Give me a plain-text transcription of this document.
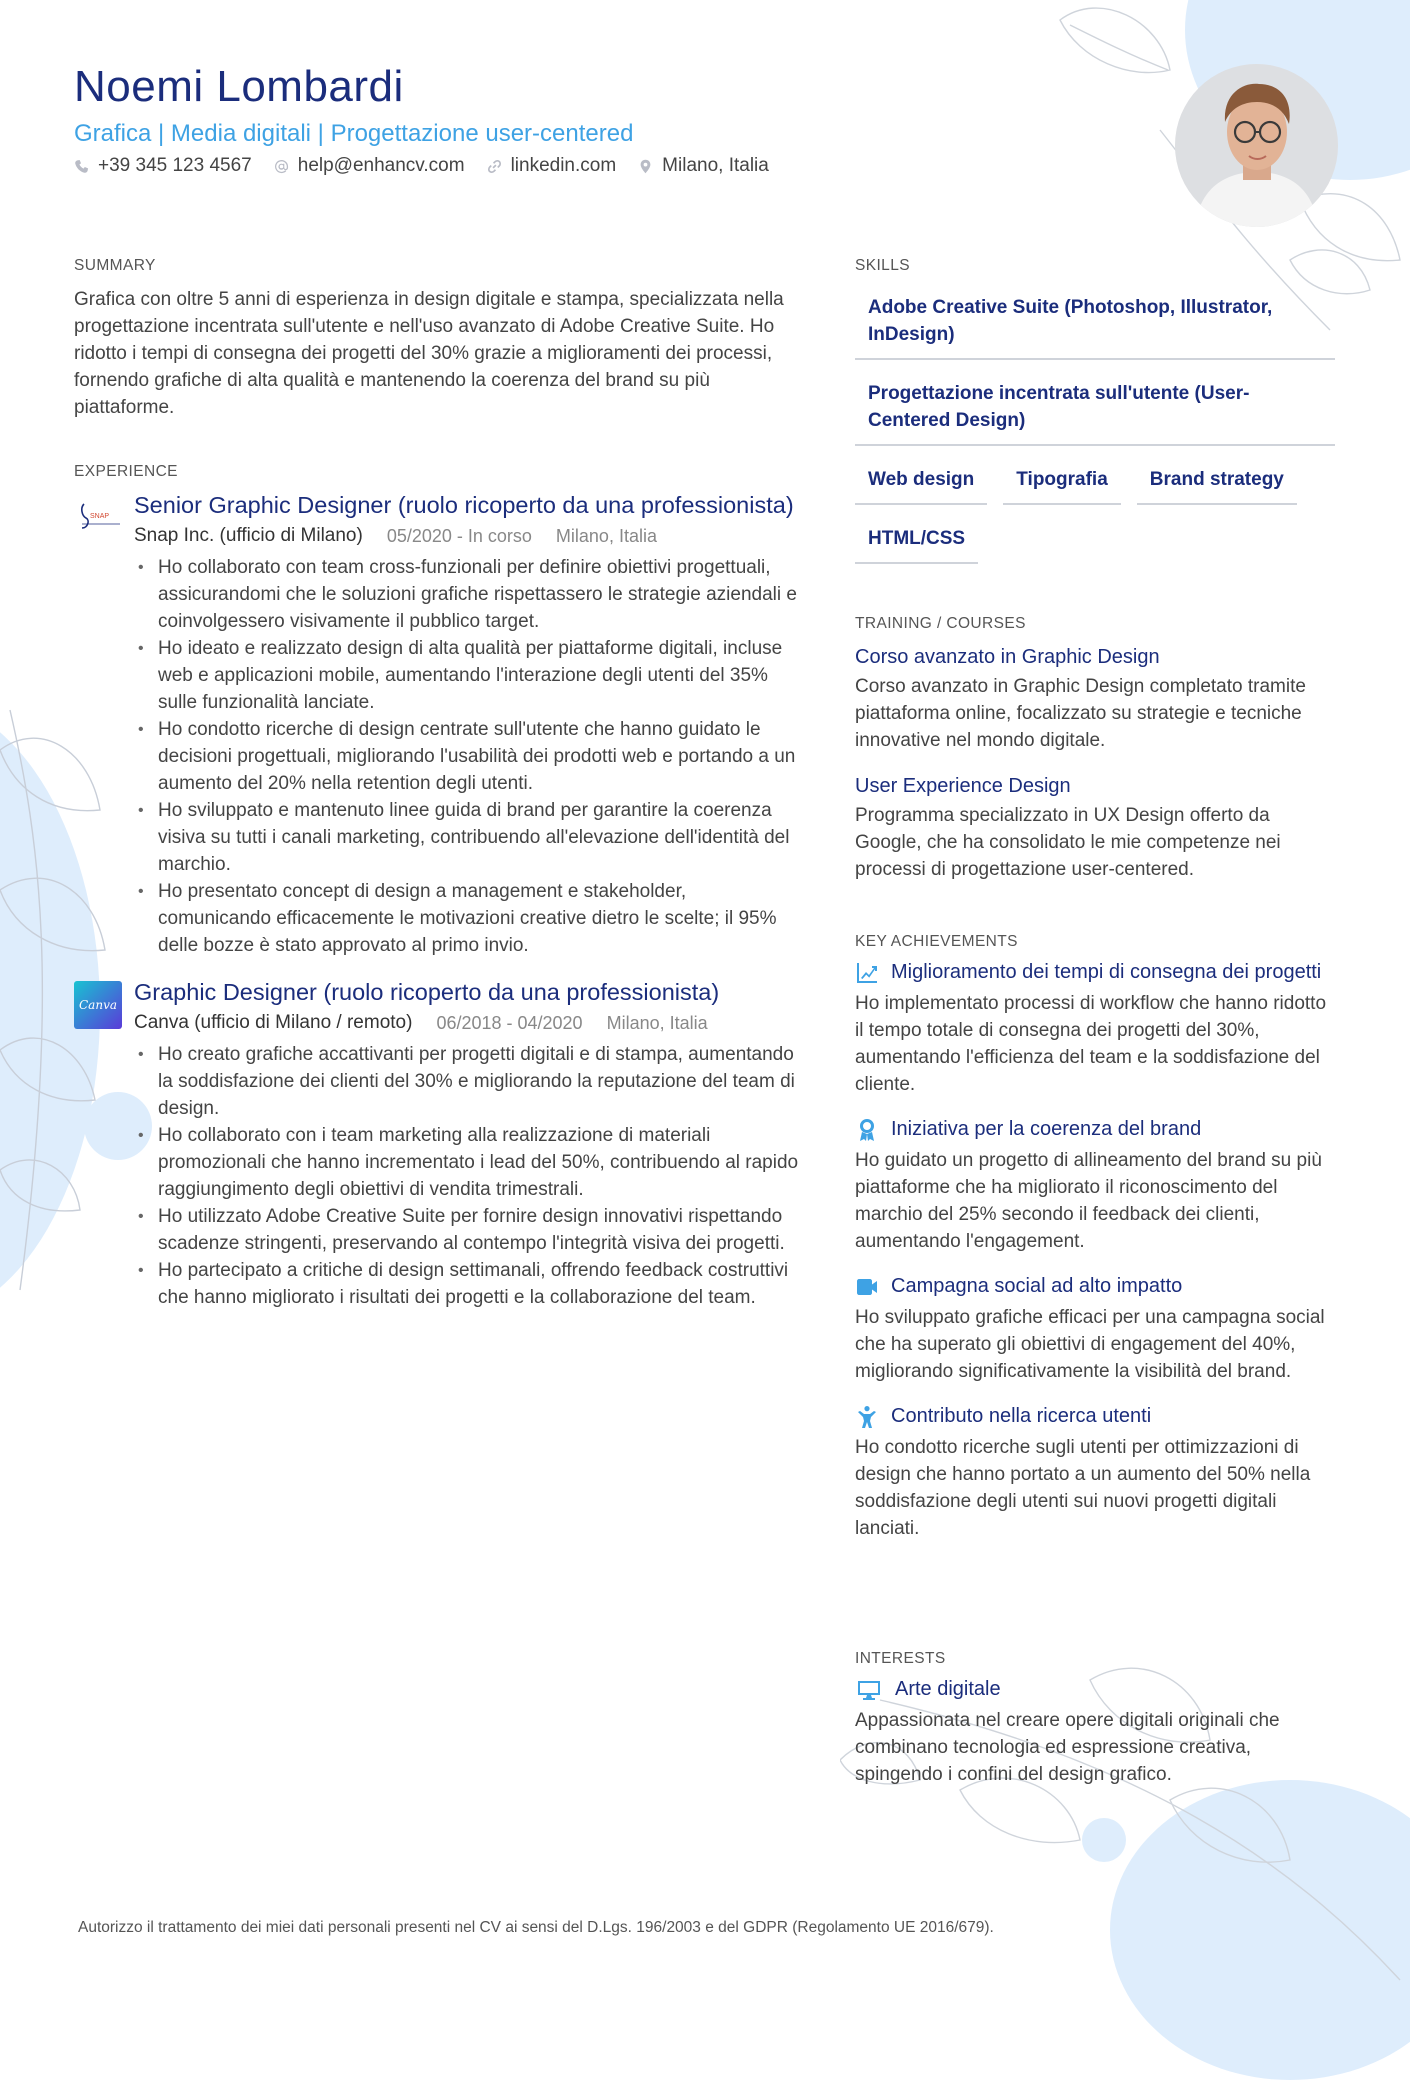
Noemi Lombardi
Grafica | Media digitali | Progettazione user-centered
+39 345 123 4567 help@enhancv.com linkedin.com Milano, Italia
SUMMARY
Grafica con oltre 5 anni di esperienza in design digitale e stampa, specializzata nella progettazione incentrata sull'utente e nell'uso avanzato di Adobe Creative Suite. Ho ridotto i tempi di consegna dei progetti del 30% grazie a miglioramenti dei processi, fornendo grafiche di alta qualità e mantenendo la coerenza del brand su più piattaforme.
EXPERIENCE
SNAP Senior Graphic Designer (ruolo ricoperto da una professionista)
Snap Inc. (ufficio di Milano) 05/2020 - In corso Milano, Italia
• Ho collaborato con team cross-funzionali per definire obiettivi progettuali, assicurandomi che le soluzioni grafiche rispettassero le strategie aziendali e coinvolgessero visivamente il pubblico target.
• Ho ideato e realizzato design di alta qualità per piattaforme digitali, incluse web e applicazioni mobile, aumentando l'interazione degli utenti del 35% sulle funzionalità lanciate.
• Ho condotto ricerche di design centrate sull'utente che hanno guidato le decisioni progettuali, migliorando l'usabilità dei prodotti web e portando a un aumento del 20% nella retention degli utenti.
• Ho sviluppato e mantenuto linee guida di brand per garantire la coerenza visiva su tutti i canali marketing, contribuendo all'elevazione dell'identità del marchio.
• Ho presentato concept di design a management e stakeholder, comunicando efficacemente le motivazioni creative dietro le scelte; il 95% delle bozze è stato approvato al primo invio.
Canva Graphic Designer (ruolo ricoperto da una professionista)
Canva (ufficio di Milano / remoto) 06/2018 - 04/2020 Milano, Italia
• Ho creato grafiche accattivanti per progetti digitali e di stampa, aumentando la soddisfazione dei clienti del 30% e migliorando la reputazione del team di design.
• Ho collaborato con i team marketing alla realizzazione di materiali promozionali che hanno incrementato i lead del 50%, contribuendo al rapido raggiungimento degli obiettivi di vendita trimestrali.
• Ho utilizzato Adobe Creative Suite per fornire design innovativi rispettando scadenze stringenti, preservando al contempo l'integrità visiva dei progetti.
• Ho partecipato a critiche di design settimanali, offrendo feedback costruttivi che hanno migliorato i risultati dei progetti e la collaborazione del team.
SKILLS
Adobe Creative Suite (Photoshop, Illustrator, InDesign)
Progettazione incentrata sull'utente (User-Centered Design)
Web design	Tipografia	Brand strategy
HTML/CSS
TRAINING / COURSES
Corso avanzato in Graphic Design
Corso avanzato in Graphic Design completato tramite piattaforma online, focalizzato su strategie e tecniche innovative nel mondo digitale.
User Experience Design
Programma specializzato in UX Design offerto da Google, che ha consolidato le mie competenze nei processi di progettazione user-centered.
KEY ACHIEVEMENTS
Miglioramento dei tempi di consegna dei progetti
Ho implementato processi di workflow che hanno ridotto il tempo totale di consegna dei progetti del 30%, aumentando l'efficienza del team e la soddisfazione del cliente.
Iniziativa per la coerenza del brand
Ho guidato un progetto di allineamento del brand su più piattaforme che ha migliorato il riconoscimento del marchio del 25% secondo il feedback dei clienti, aumentando l'engagement.
Campagna social ad alto impatto
Ho sviluppato grafiche efficaci per una campagna social che ha superato gli obiettivi di engagement del 40%, migliorando significativamente la visibilità del brand.
Contributo nella ricerca utenti
Ho condotto ricerche sugli utenti per ottimizzazioni di design che hanno portato a un aumento del 50% nella soddisfazione degli utenti sui nuovi progetti digitali lanciati.
INTERESTS
Arte digitale
Appassionata nel creare opere digitali originali che combinano tecnologia ed espressione creativa, spingendo i confini del design grafico.
Autorizzo il trattamento dei miei dati personali presenti nel CV ai sensi del D.Lgs. 196/2003 e del GDPR (Regolamento UE 2016/679).
